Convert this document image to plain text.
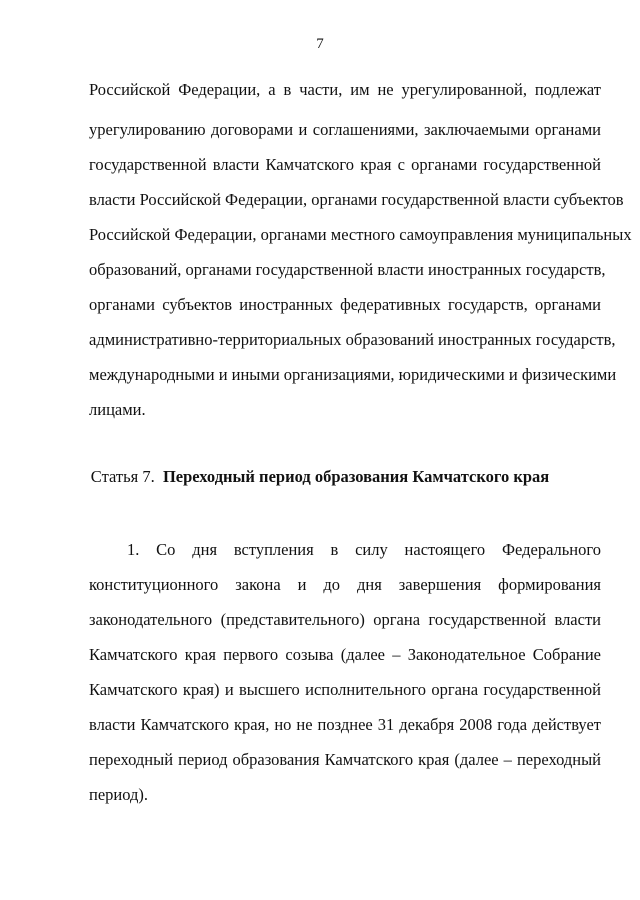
7
Российской Федерации, а в части, им не урегулированной, подлежат
урегулированию договорами и соглашениями, заключаемыми органами
государственной власти Камчатского края с органами государственной
власти Российской Федерации, органами государственной власти субъектов
Российской Федерации, органами местного самоуправления муниципальных
образований, органами государственной власти иностранных государств,
органами субъектов иностранных федеративных государств, органами
административно-территориальных образований иностранных государств,
международными и иными организациями, юридическими и физическими
лицами.
Статья 7. Переходный период образования Камчатского края
1. Со дня вступления в силу настоящего Федерального
конституционного закона и до дня завершения формирования
законодательного (представительного) органа государственной власти
Камчатского края первого созыва (далее – Законодательное Собрание
Камчатского края) и высшего исполнительного органа государственной
власти Камчатского края, но не позднее 31 декабря 2008 года действует
переходный период образования Камчатского края (далее – переходный
период).
